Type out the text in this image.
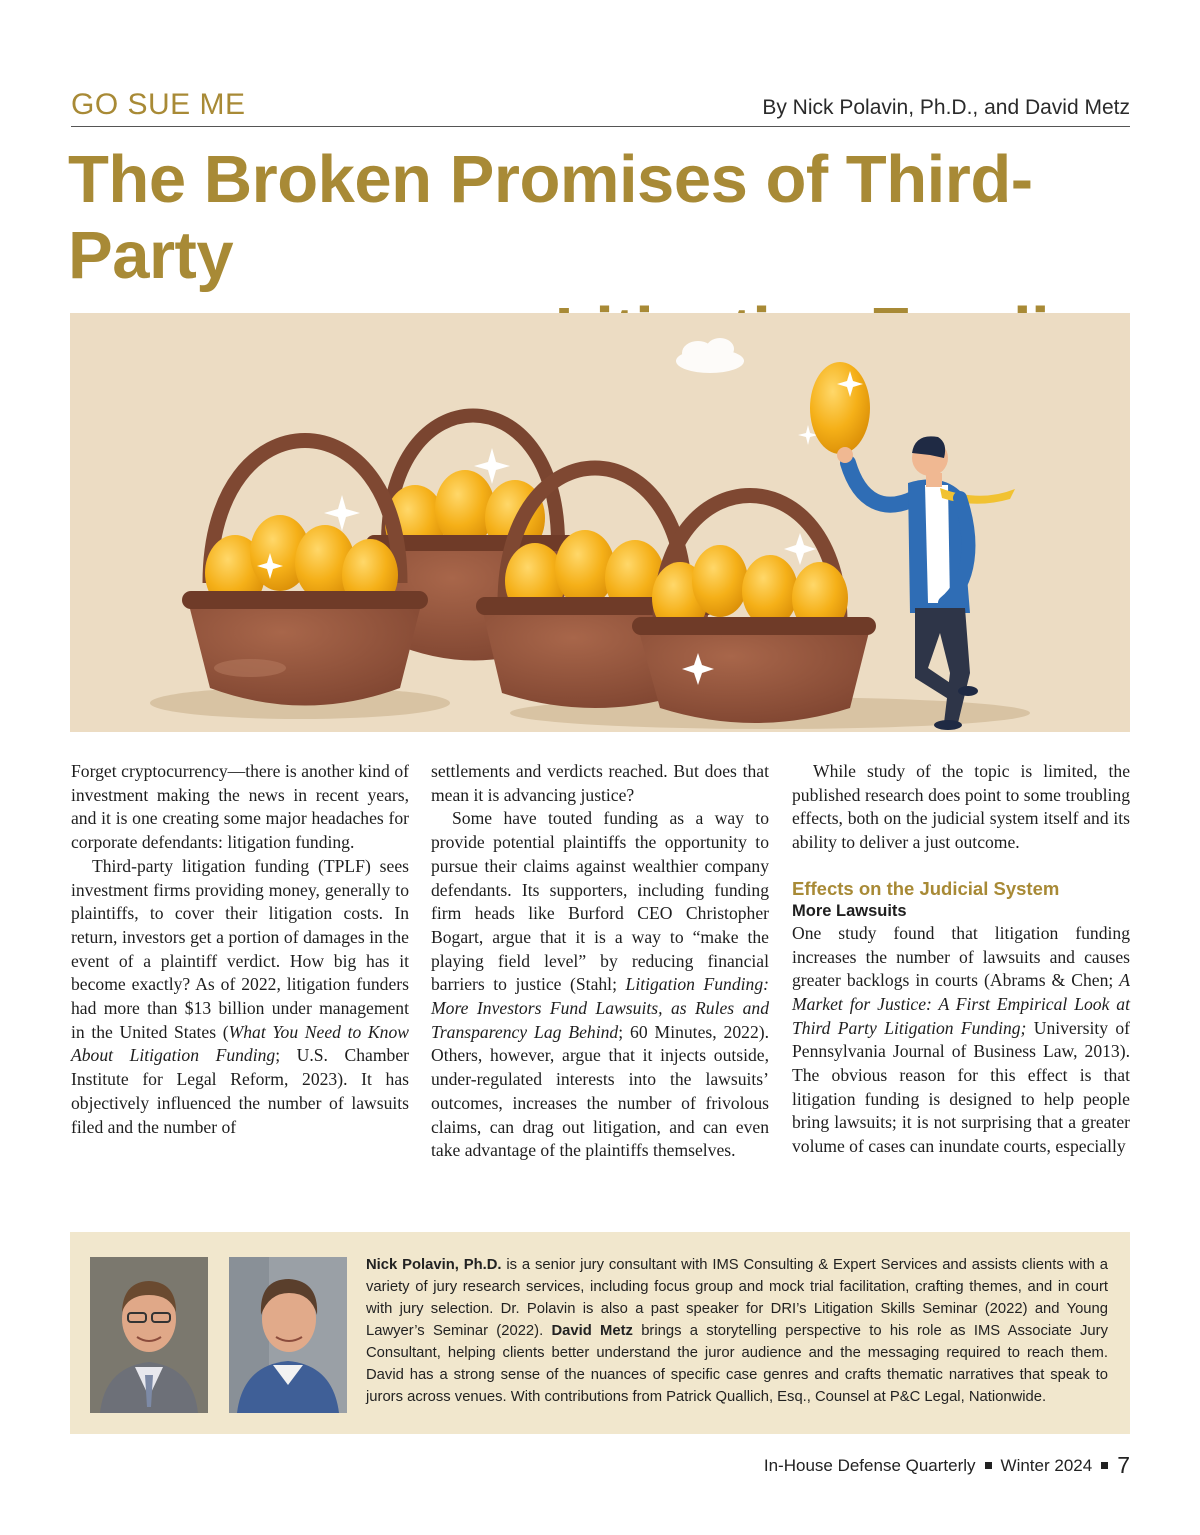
GO SUE ME	By Nick Polavin, Ph.D., and David Metz
The Broken Promises of Third-Party

Forget cryptocurrency—there is another kind of investment making the news in recent years, and it is one creating some major headaches for corporate defendants: litigation funding.

Third-party litigation funding (TPLF) sees investment firms providing money, generally to plaintiffs, to cover their litigation costs. In return, investors get a portion of damages in the event of a plaintiff verdict. How big has it become exactly? As of 2022, litigation funders had more than $13 billion under management in the United States (What You Need to Know About Litigation Funding; U.S. Chamber Institute for Legal Reform, 2023). It has objectively influenced the number of lawsuits filed and the number of

settlements and verdicts reached. But does that mean it is advancing justice?

Some have touted funding as a way to provide potential plaintiffs the opportunity to pursue their claims against wealthier company defendants. Its supporters, including funding firm heads like Burford CEO Christopher Bogart, argue that it is a way to “make the playing field level” by reducing financial barriers to justice (Stahl; Litigation Funding: More Investors Fund Lawsuits, as Rules and Transparency Lag Behind; 60 Minutes, 2022). Others, however, argue that it injects outside, under-regulated interests into the lawsuits’ outcomes, increases the number of frivolous claims, can drag out litigation, and can even take advantage of the plaintiffs themselves.

While study of the topic is limited, the published research does point to some troubling effects, both on the judicial system itself and its ability to deliver a just outcome.

Effects on the Judicial System
More Lawsuits

One study found that litigation funding increases the number of lawsuits and causes greater backlogs in courts (Abrams & Chen; A Market for Justice: A First Empirical Look at Third Party Litigation Funding; University of Pennsylvania Journal of Business Law, 2013). The obvious reason for this effect is that litigation funding is designed to help people bring lawsuits; it is not surprising that a greater volume of cases can inundate courts, especially

Nick Polavin, Ph.D. is a senior jury consultant with IMS Consulting & Expert Services and assists clients with a variety of jury research services, including focus group and mock trial facilitation, crafting themes, and in court with jury selection. Dr. Polavin is also a past speaker for DRI’s Litigation Skills Seminar (2022) and Young Lawyer’s Seminar (2022). David Metz brings a storytelling perspective to his role as IMS Associate Jury Consultant, helping clients better understand the juror audience and the messaging required to reach them. David has a strong sense of the nuances of specific case genres and crafts thematic narratives that speak to jurors across venues. With contributions from Patrick Quallich, Esq., Counsel at P&C Legal, Nationwide.
In-House Defense Quarterly Winter 2024 7
